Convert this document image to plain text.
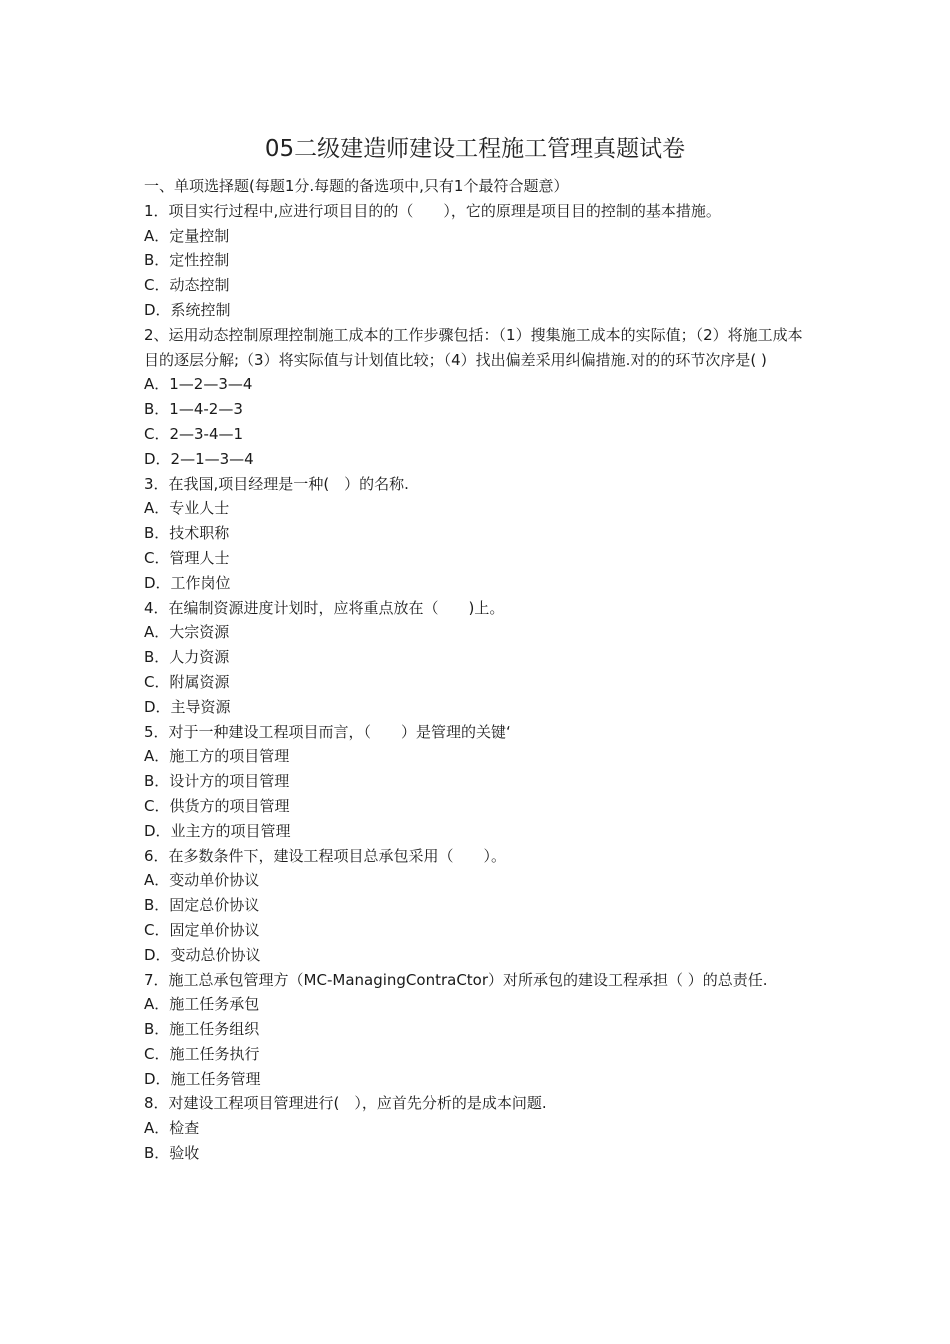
05二级建造师建设工程施工管理真题试卷

一、单项选择题(每题1分.每题的备选项中,只有1个最符合题意）

1．项目实行过程中,应进行项目目的的（　　），它的原理是项目目的控制的基本措施。

A．定量控制

B．定性控制

C．动态控制

D．系统控制

2、运用动态控制原理控制施工成本的工作步骤包括：（1）搜集施工成本的实际值；（2）将施工成本目的逐层分解;（3）将实际值与计划值比较；（4）找出偏差采用纠偏措施.对的的环节次序是( )

A．1—2—3—4

B．1—4-2—3

C．2—3-4—1

D．2—1—3—4

3．在我国,项目经理是一种(　）的名称.

A．专业人士

B．技术职称

C．管理人士

D．工作岗位

4．在编制资源进度计划时，应将重点放在（　　)上。

A．大宗资源

B．人力资源

C．附属资源

D．主导资源

5．对于一种建设工程项目而言，（　　）是管理的关键‘

A．施工方的项目管理

B．设计方的项目管理

C．供货方的项目管理

D．业主方的项目管理

6．在多数条件下，建设工程项目总承包采用（　　）。

A．变动单价协议

B．固定总价协议

C．固定单价协议

D．变动总价协议

7．施工总承包管理方（MC-ManagingContraCtor）对所承包的建设工程承担（ ）的总责任.

A．施工任务承包

B．施工任务组织

C．施工任务执行

D．施工任务管理

8．对建设工程项目管理进行(　），应首先分析的是成本问题.

A．检查

B．验收
